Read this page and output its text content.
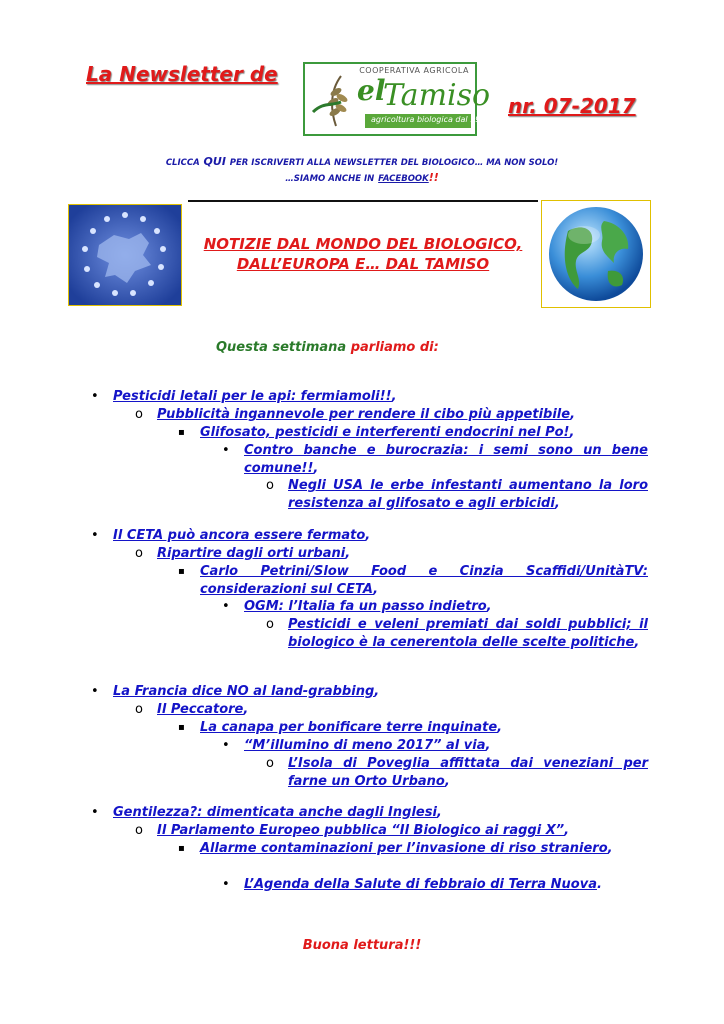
La Newsletter de	COOPERATIVA AGRICOLA
el
Tamiso
agricoltura biologica dal 1984
nr. 07-2017
CLICCA QUI PER ISCRIVERTI ALLA NEWSLETTER DEL BIOLOGICO… MA NON SOLO!
…SIAMO ANCHE IN FACEBOOK!!
NOTIZIE DAL MONDO DEL BIOLOGICO, DALL’EUROPA E… DAL TAMISO
Questa settimana parliamo di:
• Pesticidi letali per le api: fermiamoli!!,
o Pubblicità ingannevole per rendere il cibo più appetibile,
▪ Glifosato, pesticidi e interferenti endocrini nel Po!,
• Contro banche e burocrazia: i semi sono un bene comune!!,
o Negli USA le erbe infestanti aumentano la loro resistenza al glifosato e agli erbicidi,
• Il CETA può ancora essere fermato,
o Ripartire dagli orti urbani,
▪ Carlo Petrini/Slow Food e Cinzia Scaffidi/UnitàTV: considerazioni sul CETA,
• OGM: l’Italia fa un passo indietro,
o Pesticidi e veleni premiati dai soldi pubblici; il biologico è la cenerentola delle scelte politiche,
• La Francia dice NO al land-grabbing,
o Il Peccatore,
▪ La canapa per bonificare terre inquinate,
• “M’illumino di meno 2017” al via,
o L’Isola di Poveglia affittata dai veneziani per farne un Orto Urbano,
• Gentilezza?: dimenticata anche dagli Inglesi,
o Il Parlamento Europeo pubblica “Il Biologico ai raggi X”,
▪ Allarme contaminazioni per l’invasione di riso straniero,
• L’Agenda della Salute di febbraio di Terra Nuova.
Buona lettura!!!
